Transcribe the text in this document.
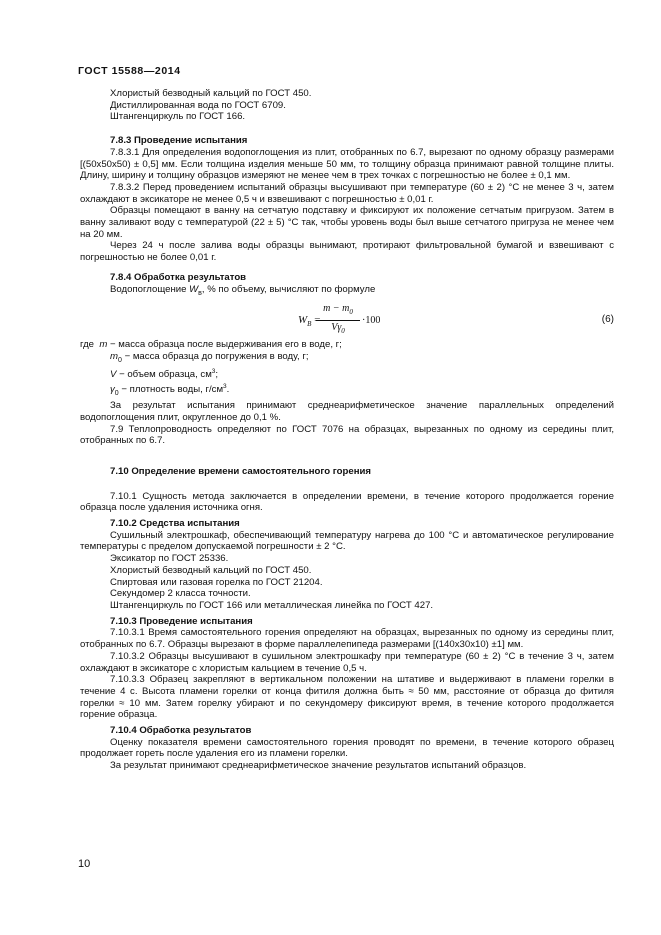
ГОСТ 15588—2014

Хлористый безводный кальций по ГОСТ 450.

Дистиллированная вода по ГОСТ 6709.

Штангенциркуль по ГОСТ 166.

7.8.3 Проведение испытания

7.8.3.1 Для определения водопоглощения из плит, отобранных по 6.7, вырезают по одному образцу размерами [(50x50x50) ± 0,5] мм. Если толщина изделия меньше 50 мм, то толщину образца принимают равной толщине плиты. Длину, ширину и толщину образцов измеряют не менее чем в трех точках с погрешностью не более ± 0,1 мм.

7.8.3.2 Перед проведением испытаний образцы высушивают при температуре (60 ± 2) °С не менее 3 ч, затем охлаждают в эксикаторе не менее 0,5 ч и взвешивают с погрешностью ± 0,01 г.

Образцы помещают в ванну на сетчатую подставку и фиксируют их положение сетчатым пригрузом. Затем в ванну заливают воду с температурой (22 ± 5) °С так, чтобы уровень воды был выше сетчатого пригруза не менее чем на 20 мм.

Через 24 ч после залива воды образцы вынимают, протирают фильтровальной бумагой и взвешивают с погрешностью не более 0,01 г.

7.8.4 Обработка результатов

Водопоглощение $W_в$, % по объему, вычисляют по формуле

$W_В$ =
$\frac{m - m_0}{V\gamma_0} \cdot 100$	(6)

где m − масса образца после выдерживания его в воде, г;

$m_0$ − масса образца до погружения в воду, г;

V − объем образца, $см^3$;

$\gamma_0$ − плотность воды, $г/см^3$.

За результат испытания принимают среднеарифметическое значение параллельных определений водопоглощения плит, округленное до 0,1 %.

7.9 Теплопроводность определяют по ГОСТ 7076 на образцах, вырезанных по одному из середины плит, отобранных по 6.7.

7.10 Определение времени самостоятельного горения

7.10.1 Сущность метода заключается в определении времени, в течение которого продолжается горение образца после удаления источника огня.

7.10.2 Средства испытания

Сушильный электрошкаф, обеспечивающий температуру нагрева до 100 °С и автоматическое регулирование температуры с пределом допускаемой погрешности ± 2 °С.

Эксикатор по ГОСТ 25336.

Хлористый безводный кальций по ГОСТ 450.

Спиртовая или газовая горелка по ГОСТ 21204.

Секундомер 2 класса точности.

Штангенциркуль по ГОСТ 166 или металлическая линейка по ГОСТ 427.

7.10.3 Проведение испытания

7.10.3.1 Время самостоятельного горения определяют на образцах, вырезанных по одному из середины плит, отобранных по 6.7. Образцы вырезают в форме параллелепипеда размерами [(140x30x10) ±1] мм.

7.10.3.2 Образцы высушивают в сушильном электрошкафу при температуре (60 ± 2) °С в течение 3 ч, затем охлаждают в эксикаторе с хлористым кальцием в течение 0,5 ч.

7.10.3.3 Образец закрепляют в вертикальном положении на штативе и выдерживают в пламени горелки в течение 4 с. Высота пламени горелки от конца фитиля должна быть ≈ 50 мм, расстояние от образца до фитиля горелки ≈ 10 мм. Затем горелку убирают и по секундомеру фиксируют время, в течение которого продолжается горение образца.

7.10.4 Обработка результатов

Оценку показателя времени самостоятельного горения проводят по времени, в течение которого образец продолжает гореть после удаления его из пламени горелки.

За результат принимают среднеарифметическое значение результатов испытаний образцов.

10
